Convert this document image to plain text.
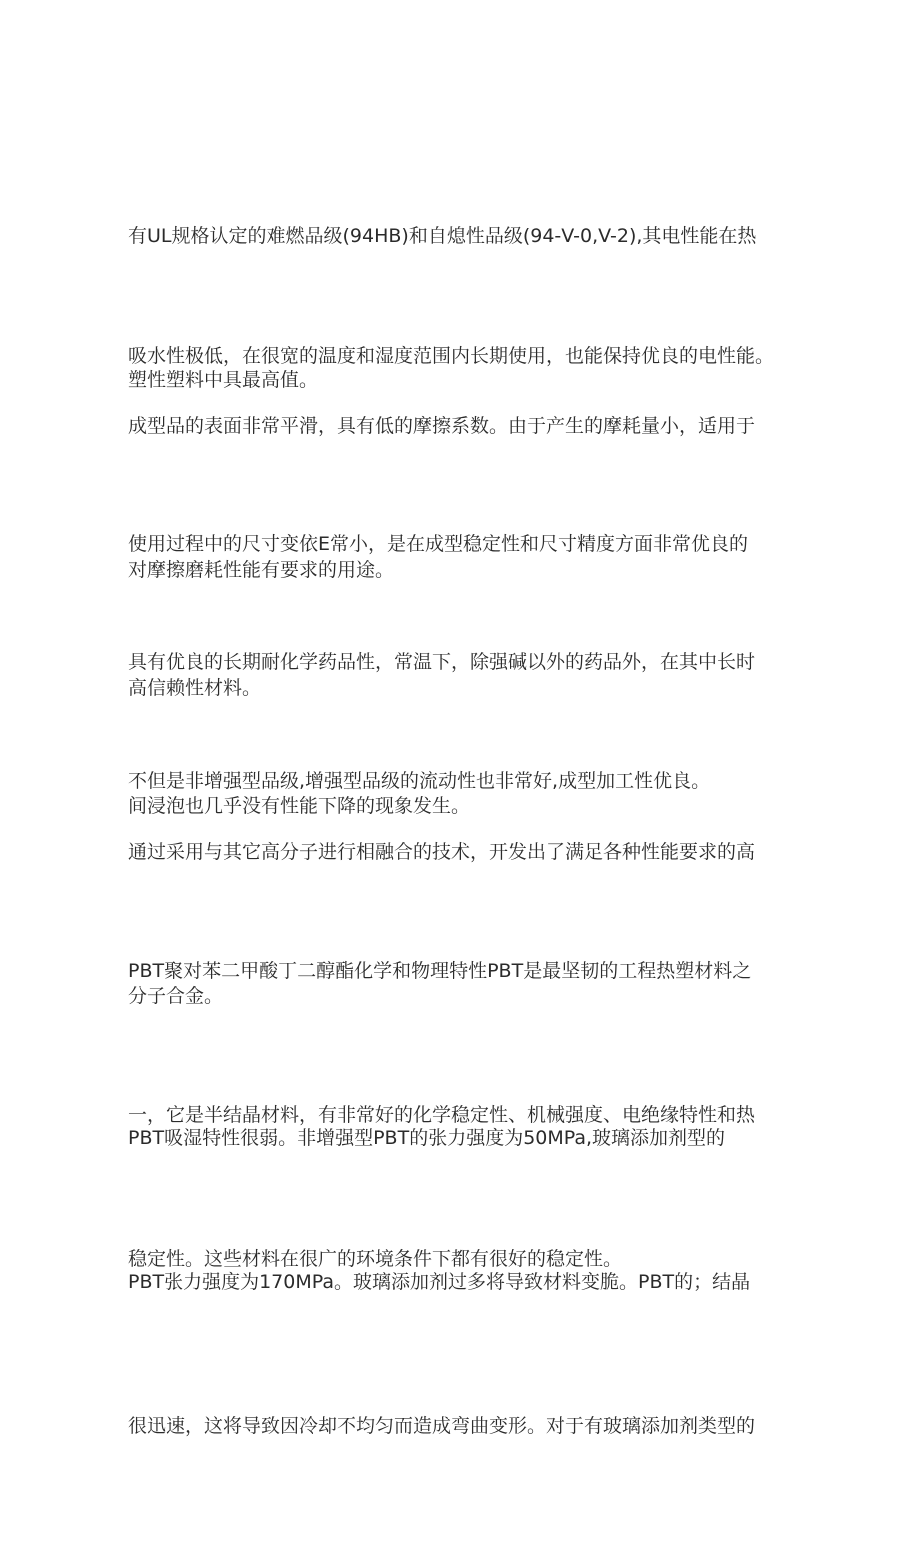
有UL规格认定的难燃品级(94HB)和自熄性品级(94-V-0,V-2),其电性能在热

塑性塑料中具最高值。

吸水性极低，在很宽的温度和湿度范围内长期使用，也能保持优良的电性能。

成型品的表面非常平滑，具有低的摩擦系数。由于产生的摩耗量小，适用于

对摩擦磨耗性能有要求的用途。

使用过程中的尺寸变依E常小，是在成型稳定性和尺寸精度方面非常优良的

高信赖性材料。

具有优良的长期耐化学药品性，常温下，除强碱以外的药品外，在其中长时

间浸泡也几乎没有性能下降的现象发生。

不但是非增强型品级,增强型品级的流动性也非常好,成型加工性优良。

通过采用与其它高分子进行相融合的技术，开发出了满足各种性能要求的高

分子合金。

PBT聚对苯二甲酸丁二醇酯化学和物理特性PBT是最坚韧的工程热塑材料之

一，它是半结晶材料，有非常好的化学稳定性、机械强度、电绝缘特性和热

稳定性。这些材料在很广的环境条件下都有很好的稳定性。

PBT吸湿特性很弱。非增强型PBT的张力强度为50MPa,玻璃添加剂型的

PBT张力强度为170MPa。玻璃添加剂过多将导致材料变脆。PBT的；结晶

很迅速，这将导致因冷却不均匀而造成弯曲变形。对于有玻璃添加剂类型的
